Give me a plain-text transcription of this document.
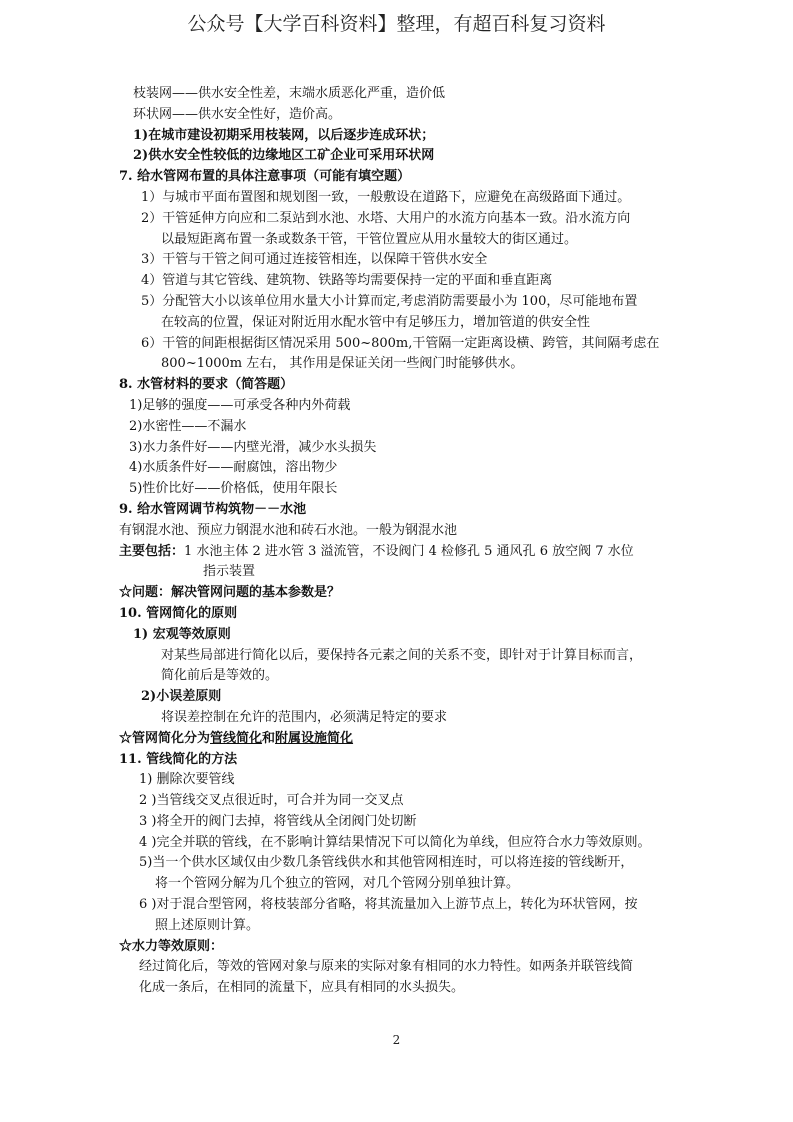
公众号【大学百科资料】整理，有超百科复习资料
枝装网——供水安全性差，末端水质恶化严重，造价低
环状网——供水安全性好，造价高。
1)在城市建设初期采用枝装网，以后逐步连成环状；
2)供水安全性较低的边缘地区工矿企业可采用环状网
7. 给水管网布置的具体注意事项（可能有填空题）
1）与城市平面布置图和规划图一致，一般敷设在道路下，应避免在高级路面下通过。
2）干管延伸方向应和二泵站到水池、水塔、大用户的水流方向基本一致。沿水流方向
以最短距离布置一条或数条干管，干管位置应从用水量较大的街区通过。
3）干管与干管之间可通过连接管相连，以保障干管供水安全
4）管道与其它管线、建筑物、铁路等均需要保持一定的平面和垂直距离
5）分配管大小以该单位用水量大小计算而定,考虑消防需要最小为 100，尽可能地布置
在较高的位置，保证对附近用水配水管中有足够压力，增加管道的供安全性
6）干管的间距根据街区情况采用 500~800m,干管隔一定距离设横、跨管，其间隔考虑在
800~1000m 左右， 其作用是保证关闭一些阀门时能够供水。
8. 水管材料的要求（简答题）
1)足够的强度——可承受各种内外荷载
2)水密性——不漏水
3)水力条件好——内壁光滑，减少水头损失
4)水质条件好——耐腐蚀，溶出物少
5)性价比好——价格低，使用年限长
9. 给水管网调节构筑物－－水池
有钢混水池、预应力钢混水池和砖石水池。一般为钢混水池
主要包括：1 水池主体 2 进水管 3 溢流管，不设阀门 4 检修孔 5 通风孔 6 放空阀 7 水位
指示装置
☆问题：解决管网问题的基本参数是？
10. 管网简化的原则
1) 宏观等效原则
对某些局部进行简化以后，要保持各元素之间的关系不变，即针对于计算目标而言，
简化前后是等效的。
2)小误差原则
将误差控制在允许的范围内，必须满足特定的要求
☆管网简化分为管线简化和附属设施简化
11. 管线简化的方法
1) 删除次要管线
2 )当管线交叉点很近时，可合并为同一交叉点
3 )将全开的阀门去掉，将管线从全闭阀门处切断
4 )完全并联的管线，在不影响计算结果情况下可以简化为单线，但应符合水力等效原则。
5)当一个供水区域仅由少数几条管线供水和其他管网相连时，可以将连接的管线断开，
将一个管网分解为几个独立的管网，对几个管网分别单独计算。
6 )对于混合型管网，将枝装部分省略，将其流量加入上游节点上，转化为环状管网，按
照上述原则计算。
☆水力等效原则：
经过简化后，等效的管网对象与原来的实际对象有相同的水力特性。如两条并联管线简
化成一条后，在相同的流量下，应具有相同的水头损失。
2
